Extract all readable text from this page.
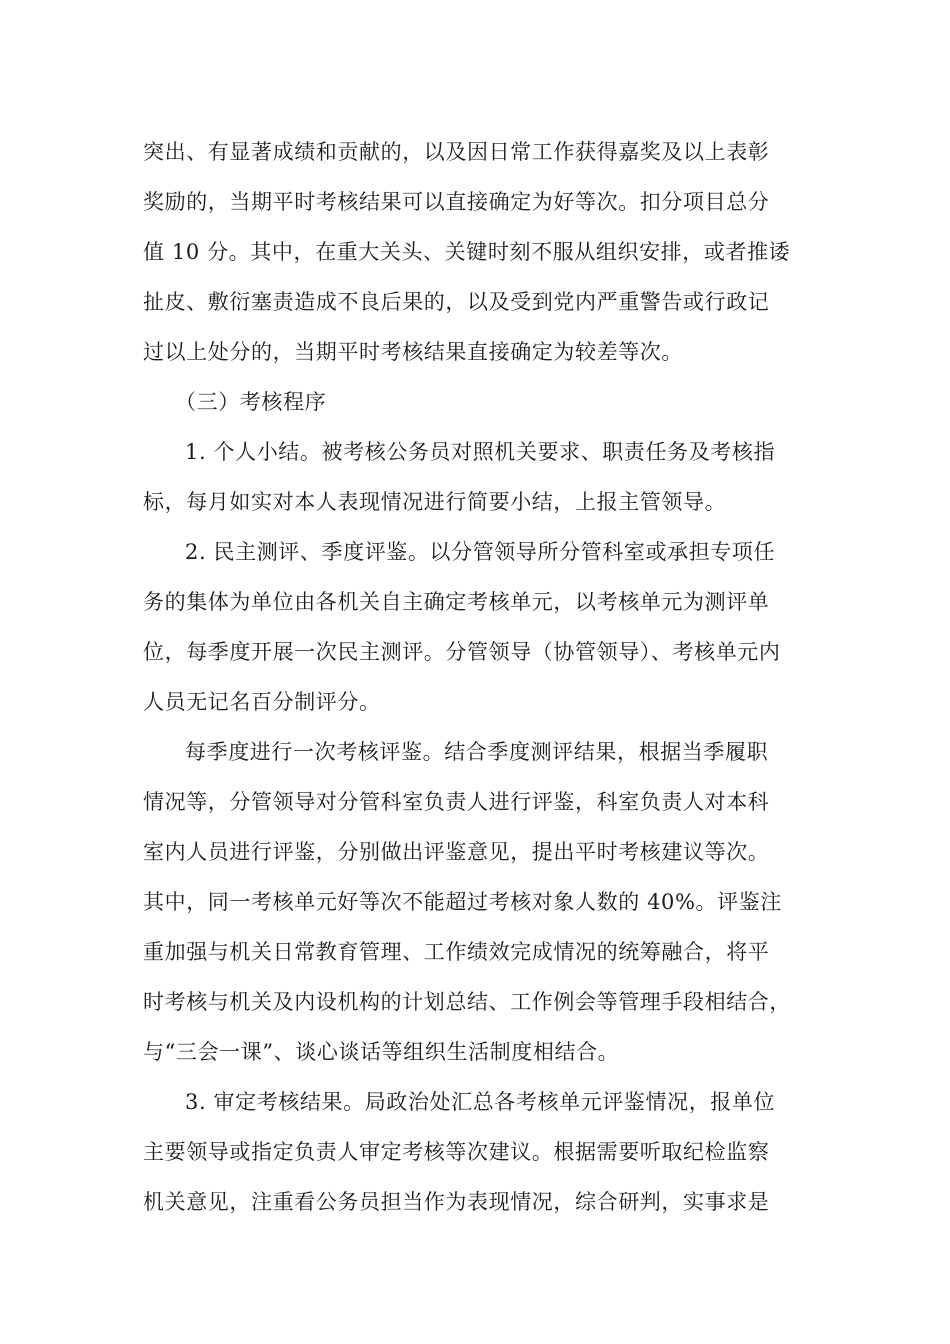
突出、有显著成绩和贡献的，以及因日常工作获得嘉奖及以上表彰
奖励的，当期平时考核结果可以直接确定为好等次。扣分项目总分
值 10 分。其中，在重大关头、关键时刻不服从组织安排，或者推诿
扯皮、敷衍塞责造成不良后果的，以及受到党内严重警告或行政记
过以上处分的，当期平时考核结果直接确定为较差等次。
（三）考核程序
1. 个人小结。被考核公务员对照机关要求、职责任务及考核指
标，每月如实对本人表现情况进行简要小结，上报主管领导。
2. 民主测评、季度评鉴。以分管领导所分管科室或承担专项任
务的集体为单位由各机关自主确定考核单元，以考核单元为测评单
位，每季度开展一次民主测评。分管领导（协管领导）、考核单元内
人员无记名百分制评分。
每季度进行一次考核评鉴。结合季度测评结果，根据当季履职
情况等，分管领导对分管科室负责人进行评鉴，科室负责人对本科
室内人员进行评鉴，分别做出评鉴意见，提出平时考核建议等次。
其中，同一考核单元好等次不能超过考核对象人数的 40%。评鉴注
重加强与机关日常教育管理、工作绩效完成情况的统筹融合，将平
时考核与机关及内设机构的计划总结、工作例会等管理手段相结合，
与“三会一课”、谈心谈话等组织生活制度相结合。
3. 审定考核结果。局政治处汇总各考核单元评鉴情况，报单位
主要领导或指定负责人审定考核等次建议。根据需要听取纪检监察
机关意见，注重看公务员担当作为表现情况，综合研判，实事求是
